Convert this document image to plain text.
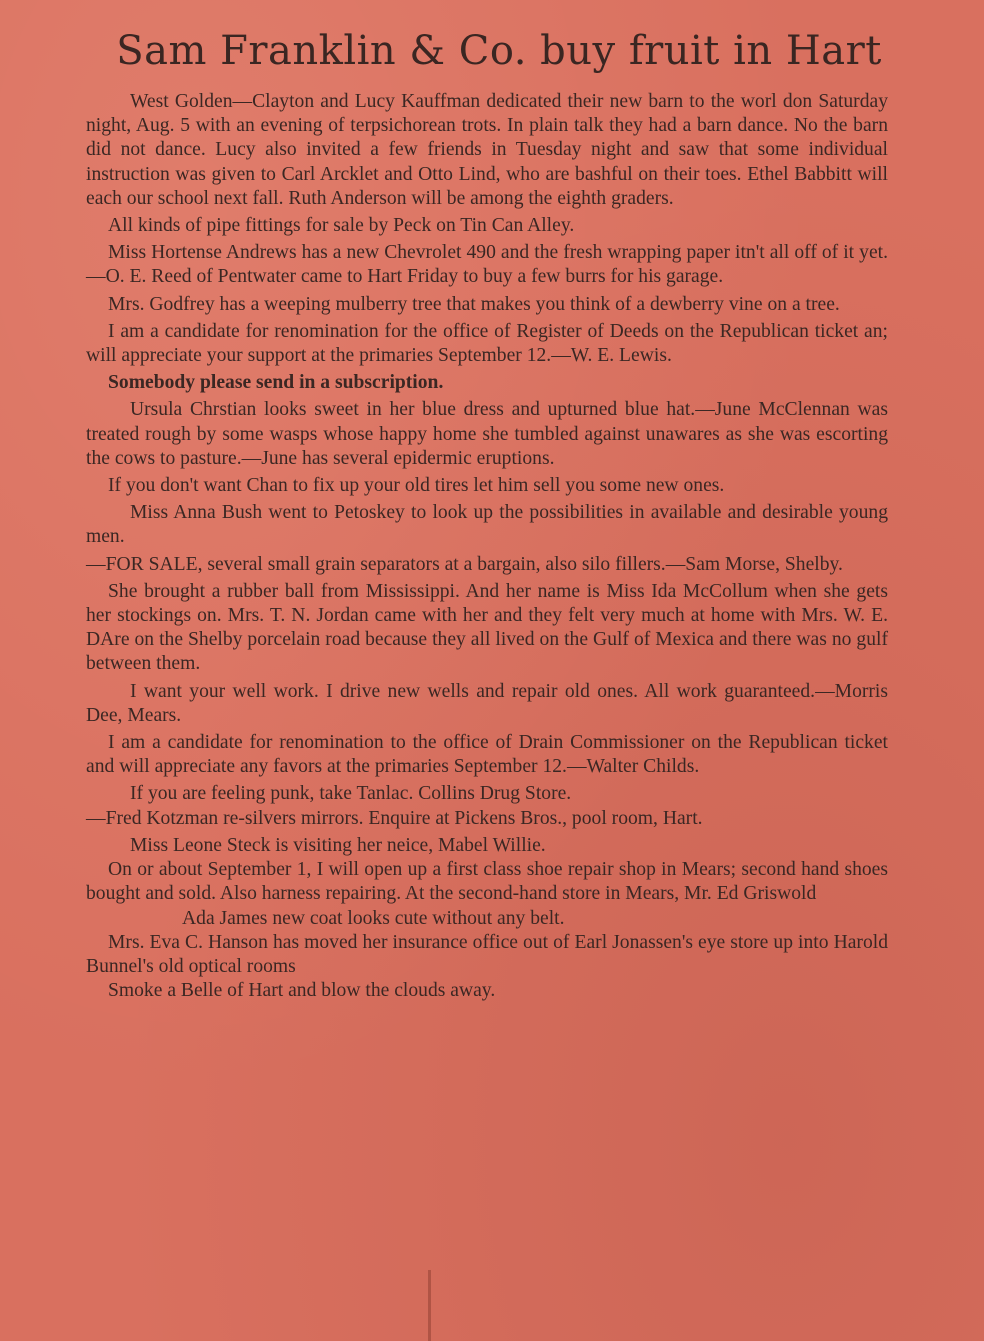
Sam Franklin & Co. buy fruit in Hart

West Golden—Clayton and Lucy Kauffman dedicated their new barn to the worl don Saturday night, Aug. 5 with an evening of terpsichorean trots. In plain talk they had a barn dance. No the barn did not dance. Lucy also invited a few friends in Tuesday night and saw that some individual instruction was given to Carl Arcklet and Otto Lind, who are bashful on their toes. Ethel Babbitt will each our school next fall. Ruth Anderson will be among the eighth graders.

All kinds of pipe fittings for sale by Peck on Tin Can Alley.

Miss Hortense Andrews has a new Chevrolet 490 and the fresh wrapping paper itn't all off of it yet.—O. E. Reed of Pentwater came to Hart Friday to buy a few burrs for his garage.

Mrs. Godfrey has a weeping mulberry tree that makes you think of a dewberry vine on a tree.

I am a candidate for renomination for the office of Register of Deeds on the Republican ticket an; will appreciate your support at the primaries September 12.—W. E. Lewis.

Somebody please send in a subscription.

Ursula Chrstian looks sweet in her blue dress and upturned blue hat.—June McClennan was treated rough by some wasps whose happy home she tumbled against unawares as she was escorting the cows to pasture.—June has several epidermic eruptions.

If you don't want Chan to fix up your old tires let him sell you some new ones.

Miss Anna Bush went to Petoskey to look up the possibilities in available and desirable young men.

—FOR SALE, several small grain separators at a bargain, also silo fillers.—Sam Morse, Shelby.

She brought a rubber ball from Mississippi. And her name is Miss Ida McCollum when she gets her stockings on. Mrs. T. N. Jordan came with her and they felt very much at home with Mrs. W. E. DAre on the Shelby porcelain road because they all lived on the Gulf of Mexica and there was no gulf between them.

I want your well work. I drive new wells and repair old ones. All work guaranteed.—Morris Dee, Mears.

I am a candidate for renomination to the office of Drain Commissioner on the Republican ticket and will appreciate any favors at the primaries September 12.—Walter Childs.

If you are feeling punk, take Tanlac. Collins Drug Store.

—Fred Kotzman re-silvers mirrors. Enquire at Pickens Bros., pool room, Hart.

Miss Leone Steck is visiting her neice, Mabel Willie.

On or about September 1, I will open up a first class shoe repair shop in Mears; second hand shoes bought and sold. Also harness repairing. At the second-hand store in Mears, Mr. Ed Griswold

Ada James new coat looks cute without any belt.

Mrs. Eva C. Hanson has moved her insurance office out of Earl Jonassen's eye store up into Harold Bunnel's old optical rooms

Smoke a Belle of Hart and blow the clouds away.
